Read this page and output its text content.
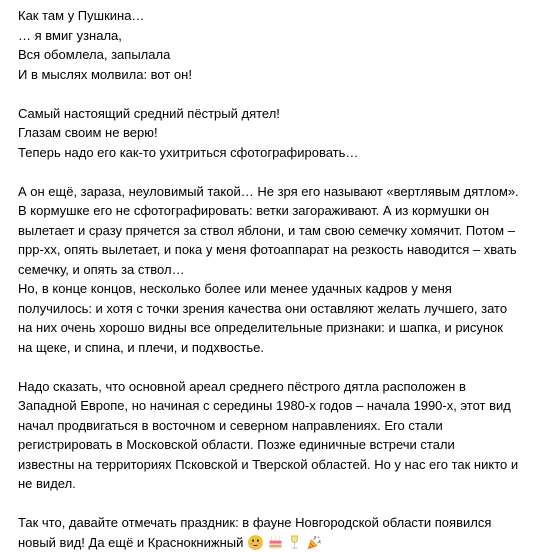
Как там у Пушкина…
… я вмиг узнала,
Вся обомлела, запылала
И в мыслях молвила: вот он!
Самый настоящий средний пёстрый дятел!
Глазам своим не верю!
Теперь надо его как-то ухитриться сфотографировать…
А он ещё, зараза, неуловимый такой… Не зря его называют «вертлявым дятлом».
В кормушке его не сфотографировать: ветки загораживают. А из кормушки он
вылетает и сразу прячется за ствол яблони, и там свою семечку хомячит. Потом –
прр-хх, опять вылетает, и пока у меня фотоаппарат на резкость наводится – хвать
семечку, и опять за ствол…
Но, в конце концов, несколько более или менее удачных кадров у меня
получилось: и хотя с точки зрения качества они оставляют желать лучшего, зато
на них очень хорошо видны все определительные признаки: и шапка, и рисунок
на щеке, и спина, и плечи, и подхвостье.
Надо сказать, что основной ареал среднего пёстрого дятла расположен в
Западной Европе, но начиная с середины 1980-х годов – начала 1990-х, этот вид
начал продвигаться в восточном и северном направлениях. Его стали
регистрировать в Московской области. Позже единичные встречи стали
известны на территориях Псковской и Тверской областей. Но у нас его так никто и
не видел.
Так что, давайте отмечать праздник: в фауне Новгородской области появился
новый вид! Да ещё и Краснокнижный
